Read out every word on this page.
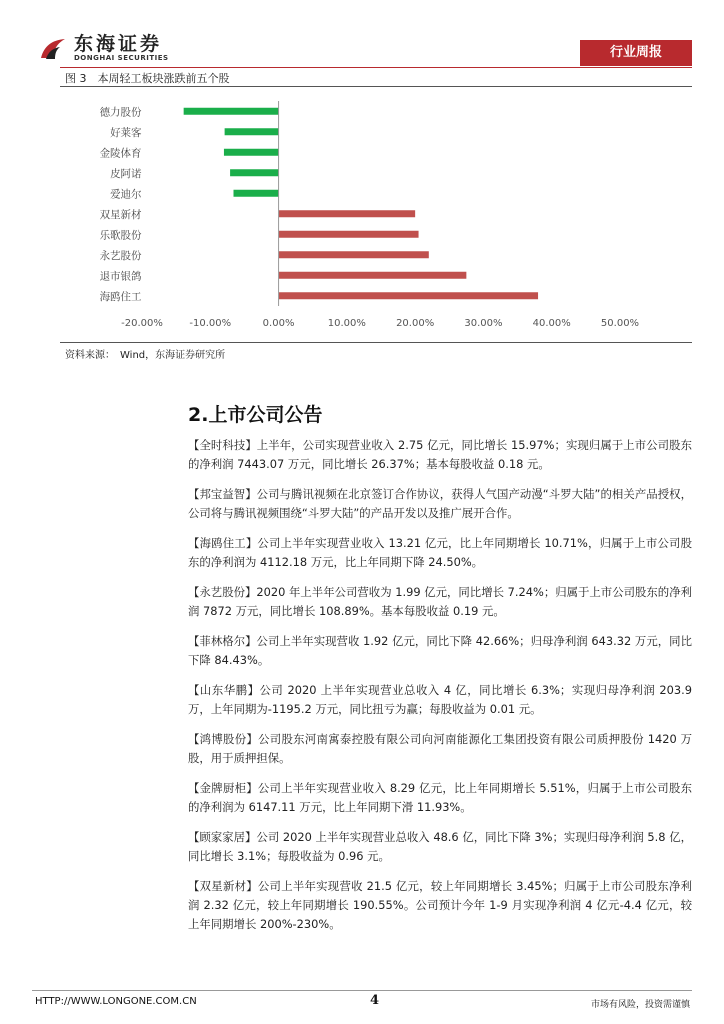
东海证券
DONGHAI SECURITIES	行业周报
图 3　本周轻工板块涨跌前五个股
德力股份
好莱客
金陵体育
皮阿诺
爱迪尔
双星新材
乐歌股份
永艺股份
退市银鸽
海鸥住工
-20.00%	-10.00%	0.00%	10.00%	20.00%	30.00%	40.00%	50.00%
资料来源：　Wind，东海证券研究所
2.上市公司公告

【全时科技】上半年，公司实现营业收入 2.75 亿元，同比增长 15.97%；实现归属于上市公司股东的净利润 7443.07 万元，同比增长 26.37%；基本每股收益 0.18 元。

【邦宝益智】公司与腾讯视频在北京签订合作协议，获得人气国产动漫“斗罗大陆”的相关产品授权，公司将与腾讯视频围绕“斗罗大陆”的产品开发以及推广展开合作。

【海鸥住工】公司上半年实现营业收入 13.21 亿元，比上年同期增长 10.71%，归属于上市公司股东的净利润为 4112.18 万元，比上年同期下降 24.50%。

【永艺股份】2020 年上半年公司营收为 1.99 亿元，同比增长 7.24%；归属于上市公司股东的净利润 7872 万元，同比增长 108.89%。基本每股收益 0.19 元。

【菲林格尔】公司上半年实现营收 1.92 亿元，同比下降 42.66%；归母净利润 643.32 万元，同比下降 84.43%。

【山东华鹏】公司 2020 上半年实现营业总收入 4 亿，同比增长 6.3%；实现归母净利润 203.9 万，上年同期为-1195.2 万元，同比扭亏为赢；每股收益为 0.01 元。

【鸿博股份】公司股东河南寓泰控股有限公司向河南能源化工集团投资有限公司质押股份 1420 万股，用于质押担保。

【金牌厨柜】公司上半年实现营业收入 8.29 亿元，比上年同期增长 5.51%，归属于上市公司股东的净利润为 6147.11 万元，比上年同期下滑 11.93%。

【顾家家居】公司 2020 上半年实现营业总收入 48.6 亿，同比下降 3%；实现归母净利润 5.8 亿，同比增长 3.1%；每股收益为 0.96 元。

【双星新材】公司上半年实现营收 21.5 亿元，较上年同期增长 3.45%；归属于上市公司股东净利润 2.32 亿元，较上年同期增长 190.55%。公司预计今年 1-9 月实现净利润 4 亿元-4.4 亿元，较上年同期增长 200%-230%。

HTTP://WWW.LONGONE.COM.CN	4	市场有风险，投资需谨慎
